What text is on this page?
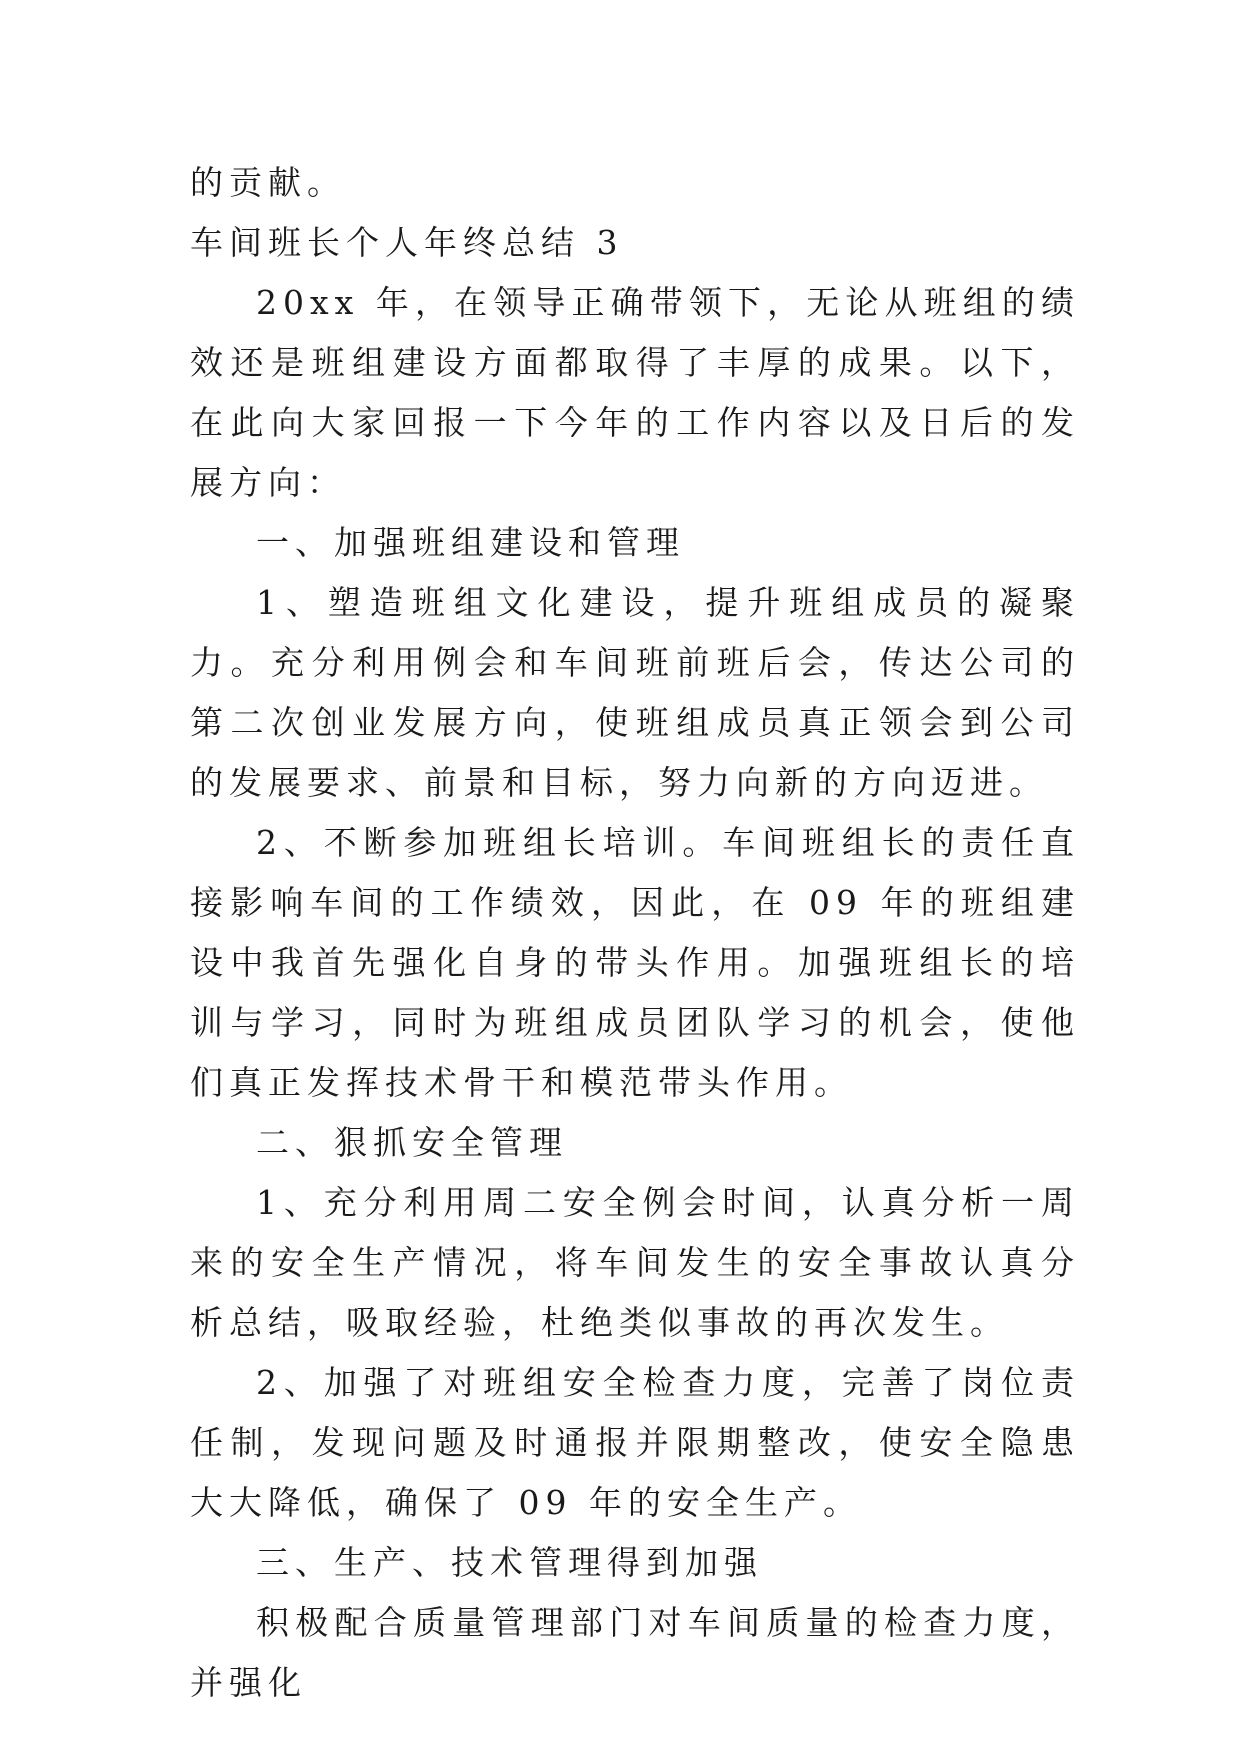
的贡献。

车间班长个人年终总结 3

20xx 年，在领导正确带领下，无论从班组的绩效还是班组建设方面都取得了丰厚的成果。以下，在此向大家回报一下今年的工作内容以及日后的发展方向：

一、加强班组建设和管理

1、塑造班组文化建设，提升班组成员的凝聚力。充分利用例会和车间班前班后会，传达公司的第二次创业发展方向，使班组成员真正领会到公司的发展要求、前景和目标，努力向新的方向迈进。

2、不断参加班组长培训。车间班组长的责任直接影响车间的工作绩效，因此，在 09 年的班组建设中我首先强化自身的带头作用。加强班组长的培训与学习，同时为班组成员团队学习的机会，使他们真正发挥技术骨干和模范带头作用。

二、狠抓安全管理

1、充分利用周二安全例会时间，认真分析一周来的安全生产情况，将车间发生的安全事故认真分析总结，吸取经验，杜绝类似事故的再次发生。

2、加强了对班组安全检查力度，完善了岗位责任制，发现问题及时通报并限期整改，使安全隐患大大降低，确保了 09 年的安全生产。

三、生产、技术管理得到加强

积极配合质量管理部门对车间质量的检查力度，并强化
